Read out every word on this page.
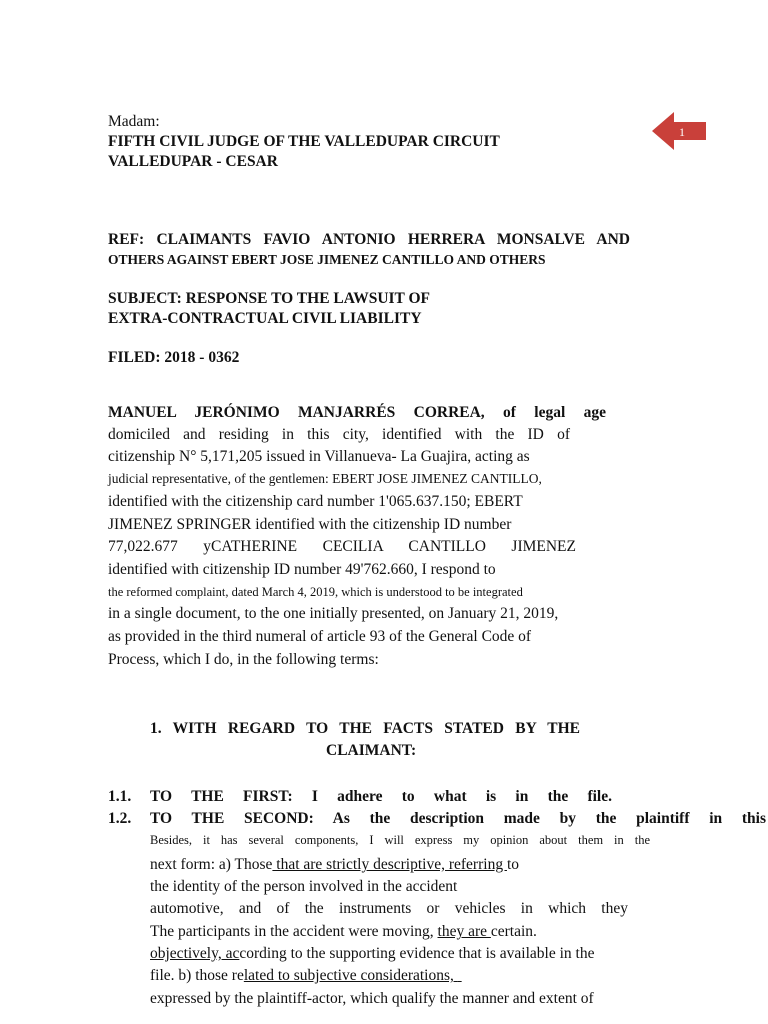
1
Madam:
FIFTH CIVIL JUDGE OF THE VALLEDUPAR CIRCUIT
VALLEDUPAR - CESAR
REF: CLAIMANTS FAVIO ANTONIO HERRERA MONSALVE AND
OTHERS AGAINST EBERT JOSE JIMENEZ CANTILLO AND OTHERS
SUBJECT: RESPONSE TO THE LAWSUIT OF
EXTRA-CONTRACTUAL CIVIL LIABILITY
FILED: 2018 - 0362
MANUEL JERÓNIMO MANJARRÉS CORREA, of legal age
domiciled and residing in this city, identified with the ID of
citizenship N° 5,171,205 issued in Villanueva- La Guajira, acting as
judicial representative, of the gentlemen: EBERT JOSE JIMENEZ CANTILLO,
identified with the citizenship card number 1'065.637.150; EBERT
JIMENEZ SPRINGER identified with the citizenship ID number
77,022.677 yCATHERINE CECILIA CANTILLO JIMENEZ
identified with citizenship ID number 49'762.660, I respond to
the reformed complaint, dated March 4, 2019, which is understood to be integrated
in a single document, to the one initially presented, on January 21, 2019,
as provided in the third numeral of article 93 of the General Code of
Process, which I do, in the following terms:
1. WITH REGARD TO THE FACTS STATED BY THE
CLAIMANT:
1.1. TO THE FIRST: I adhere to what is in the file.
1.2. TO THE SECOND: As the description made by the plaintiff in this
Besides, it has several components, I will express my opinion about them in the
next form: a) Those that are strictly descriptive, referring to
the identity of the person involved in the accident
automotive, and of the instruments or vehicles in which they
The participants in the accident were moving, they are certain.
objectively, according to the supporting evidence that is available in the
file. b) those related to subjective considerations,
expressed by the plaintiff-actor, which qualify the manner and extent of
